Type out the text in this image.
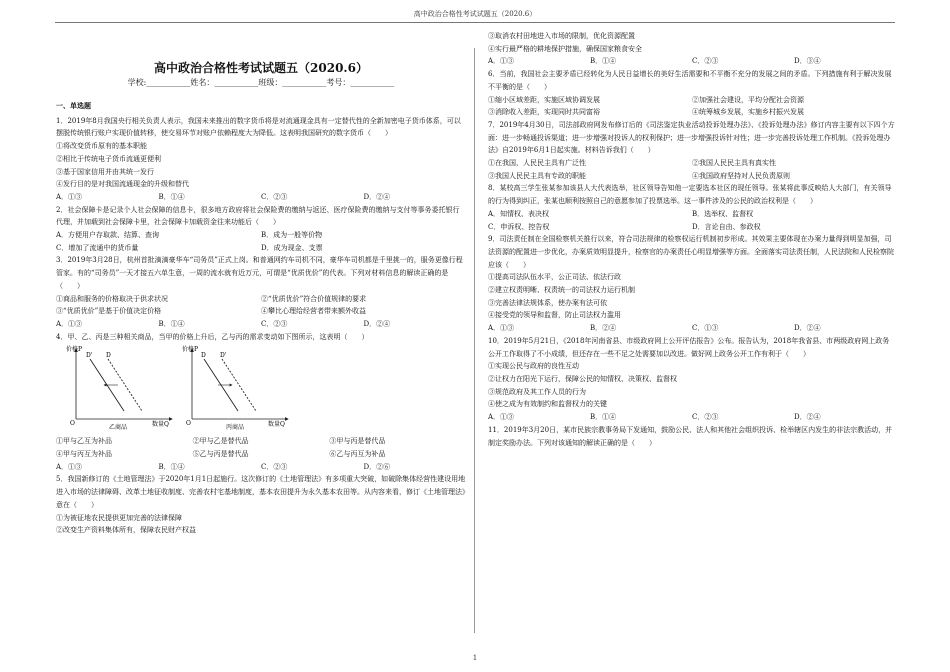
高中政治合格性考试试题五（2020.6）
高中政治合格性考试试题五（2020.6）
学校:___________姓名：___________班级：___________考号：___________
一、单选题

1．2019年8月我国央行相关负责人表示，我国未来推出的数字货币将是对流通现金具有一定替代性的全新加密电子货币体系，可以摆脱传统银行账户实现价值转移，使交易环节对账户依赖程度大为降低。这表明我国研究的数字货币（　　）

①将改变货币原有的基本职能

②相比于传统电子货币流通更便利

③基于国家信用并由其统一发行

④发行目的是对我国流通现金的升级和替代

A．①③	B．①④	C．②③	D．②④

2．社会保障卡是记录个人社会保障的信息卡，很多地方政府将社会保险费的缴纳与返还、医疗保险费的缴纳与支付等事务委托银行代理，并加载到社会保障卡里，社会保障卡加载资金往来功能后（　　）

A．方便用户存取款、结算、查询	B．成为一般等价物
C．增加了流通中的货币量	D．成为现金、支票

3．2019年3月28日，杭州首批滴滴豪华车“司务员”正式上岗。和普通网约车司机不同，豪华车司机都是千里挑一的，服务更像行程管家。有的“司务员”一天才接五六单生意，一周的流水就有近万元，可谓是“优质优价”的代表。下列对材料信息的解读正确的是（　　）

①商品和服务的价格取决于供求状况	②“优质优价”符合价值规律的要求
③“优质优价”是基于价值决定价格	④攀比心理给经营者带来额外收益
A．①③	B．①④	C．②③	D．②④

4．甲、乙、丙是三种相关商品，当甲的价格上升后，乙与丙的需求变动如下图所示，这表明（　　）

价格P
数量Q
O
乙商品
D' D
价格P
数量Q
O
丙商品
D D'
①甲与乙互为补品	②甲与乙是替代品	③甲与丙是替代品
④甲与丙互为补品	⑤乙与丙是替代品	⑥乙与丙互为补品
A．①③	B．①④	C．②③	D．②⑥

5．我国新修订的《土地管理法》于2020年1月1日起施行。这次修订的《土地管理法》有多项重大突破，如破除集体经营性建设用地进入市场的法律障碍、改革土地征收制度、完善农村宅基地制度，基本农田提升为永久基本农田等。从内容来看，修订《土地管理法》意在（　　）

①为被征地农民提供更加完善的法律保障

②改变生产资料集体所有，保障农民财产权益

③取消农村田地进入市场的限制，优化资源配置

④实行最严格的耕地保护措施，确保国家粮食安全

A．①③	B．①④	C．②③	D．③④

6．当前，我国社会主要矛盾已经转化为人民日益增长的美好生活需要和不平衡不充分的发展之间的矛盾。下列措施有利于解决发展不平衡的是（　　）

①缩小区域差距，实施区域协调发展	②加强社会建设，平均分配社会资源
③消除收入差距，实现同时共同富裕	④统筹城乡发展，实施乡村振兴发展

7．2019年4月30日，司法部政府网发布修订后的《司法鉴定执业活动投诉处理办法》、《投诉处理办法》修订内容主要有以下四个方面：进一步畅通投诉渠道；进一步增强对投诉人的权利保护；进一步增强投诉针对性；进一步完善投诉处理工作机制。《投诉处理办法》自2019年6月1日起实施。材料告诉我们（　　）

①在我国，人民民主具有广泛性	②我国人民民主具有真实性
③我国人民民主具有专政的职能	④我国政府坚持对人民负责原则

8．某校高三学生张某参加该县人大代表选举，社区领导告知他一定要选本社区的现任领导。张某将此事反映给人大部门，有关领导的行为得到纠正，张某也顺利按照自己的意愿参加了投票选举。这一事件涉及的公民的政治权利是（　　）

A．知情权、表决权	B．选举权、监督权
C．申诉权、控告权	D．言论自由、参政权

9．司法责任制在全国检察机关推行以来，符合司法规律的检察权运行机制初步形成。其效果主要体现在办案力量得到明显加强，司法资源的配置进一步优化，办案质效明显提升，检察官的办案责任心明显增强等方面。全面落实司法责任制，人民法院和人民检察院应该（　　）

①提高司法队伍水平，公正司法、依法行政

②建立权责明晰、权责统一的司法权力运行机制

③完善法律法规体系，使办案有法可依

④接受党的领导和监督，防止司法权力滥用

A．①③	B．②④	C．①③	D．②④

10．2019年5月21日，《2018年河南省县、市级政府网上公开评估报告》公布。报告认为，2018年我省县、市两级政府网上政务公开工作取得了不小成绩，但还存在一些不足之处需要加以改进。做好网上政务公开工作有利于（　　）

①实现公民与政府的良性互动

②让权力在阳光下运行，保障公民的知情权、决策权、监督权

③规范政府及其工作人员的行为

④使之成为有效制约和监督权力的关键

A．①③	B．①④	C．②③	D．②④

11．2019年3月20日，某市民族宗教事务局下发通知，鼓励公民、法人和其他社会组织投诉、检举辖区内发生的非法宗教活动，并制定奖励办法。下列对该通知的解读正确的是（　　）

1
